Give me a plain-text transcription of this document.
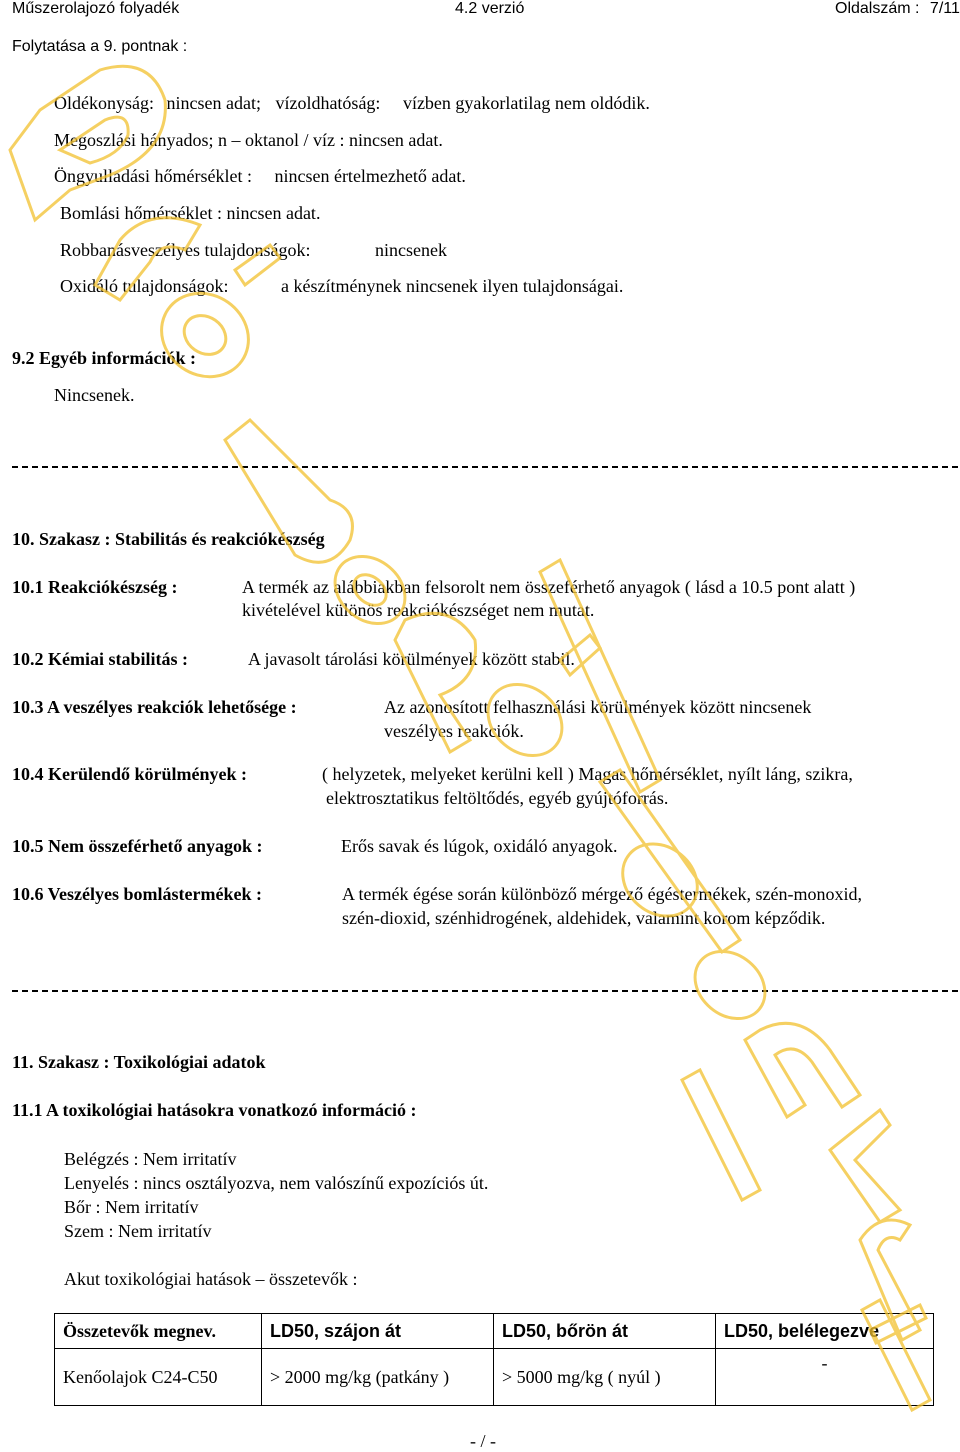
Műszerolajozó folyadék	4.2 verzió	Oldalszám : 7/11
Folytatása a 9. pontnak :
Oldékonyság: nincsen adat; vízoldhatóság: vízben gyakorlatilag nem oldódik.
Megoszlási hányados; n – oktanol / víz : nincsen adat.
Öngyulladási hőmérséklet : nincsen értelmezhető adat.
Bomlási hőmérséklet : nincsen adat.
Robbanásveszélyes tulajdonságok:	nincsenek
Oxidáló tulajdonságok:	a készítménynek nincsenek ilyen tulajdonságai.
9.2 Egyéb információk :
Nincsenek.
10. Szakasz : Stabilitás és reakciókészség
10.1 Reakciókészség :	A termék az alábbiakban felsorolt nem összeférhető anyagok ( lásd a 10.5 pont alatt )
kivételével különös reakciókészséget nem mutat.
10.2 Kémiai stabilitás :	A javasolt tárolási körülmények között stabil.
10.3 A veszélyes reakciók lehetősége :	Az azonosított felhasználási körülmények között nincsenek
veszélyes reakciók.
10.4 Kerülendő körülmények :	( helyzetek, melyeket kerülni kell ) Magas hőmérséklet, nyílt láng, szikra,
elektrosztatikus feltöltődés, egyéb gyújtóforrás.
10.5 Nem összeférhető anyagok :	Erős savak és lúgok, oxidáló anyagok.
10.6 Veszélyes bomlástermékek :	A termék égése során különböző mérgező égéstermékek, szén-monoxid,
szén-dioxid, szénhidrogének, aldehidek, valamint korom képződik.
11. Szakasz : Toxikológiai adatok
11.1 A toxikológiai hatásokra vonatkozó információ :
Belégzés : Nem irritatív
Lenyelés : nincs osztályozva, nem valószínű expozíciós út.
Bőr : Nem irritatív
Szem : Nem irritatív
Akut toxikológiai hatások – összetevők :
Összetevők megnev.	LD50, szájon át	LD50, bőrön át	LD50, belélegezve
Kenőolajok C24-C50	> 2000 mg/kg (patkány )	> 5000 mg/kg ( nyúl )	-
- / -
